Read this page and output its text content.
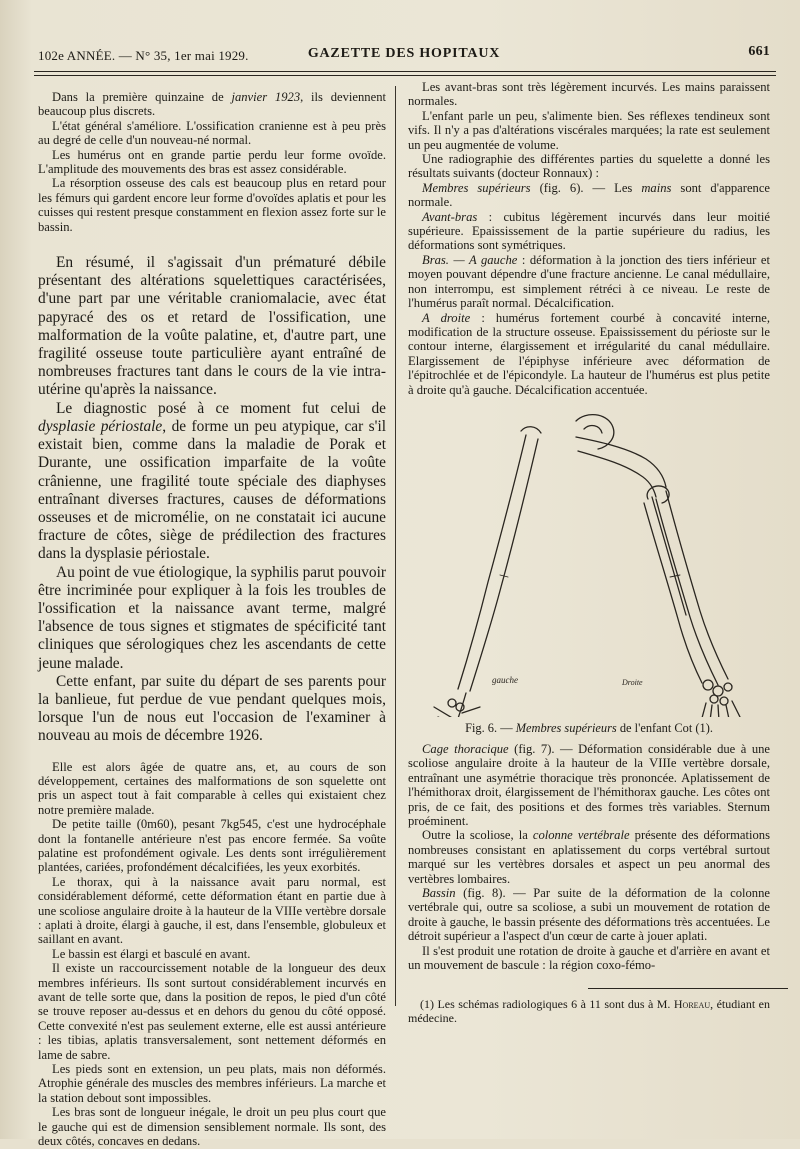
102e ANNÉE. — N° 35, 1er mai 1929.	GAZETTE DES HOPITAUX	661

Dans la première quinzaine de janvier 1923, ils deviennent beaucoup plus discrets.

L'état général s'améliore. L'ossification cranienne est à peu près au degré de celle d'un nouveau-né normal.

Les humérus ont en grande partie perdu leur forme ovoïde. L'amplitude des mouvements des bras est assez considérable.

La résorption osseuse des cals est beaucoup plus en retard pour les fémurs qui gardent encore leur forme d'ovoïdes aplatis et pour les cuisses qui restent presque constamment en flexion assez forte sur le bassin.

En résumé, il s'agissait d'un prématuré débile présentant des altérations squelettiques caractérisées, d'une part par une véritable craniomalacie, avec état papyracé des os et retard de l'ossification, une malformation de la voûte palatine, et, d'autre part, une fragilité osseuse toute particulière ayant entraîné de nombreuses fractures tant dans le cours de la vie intra-utérine qu'après la naissance.

Le diagnostic posé à ce moment fut celui de dysplasie périostale, de forme un peu atypique, car s'il existait bien, comme dans la maladie de Porak et Durante, une ossification imparfaite de la voûte crânienne, une fragilité toute spéciale des diaphyses entraînant diverses fractures, causes de déformations osseuses et de micromélie, on ne constatait ici aucune fracture de côtes, siège de prédilection des fractures dans la dysplasie périostale.

Au point de vue étiologique, la syphilis parut pouvoir être incriminée pour expliquer à la fois les troubles de l'ossification et la naissance avant terme, malgré l'absence de tous signes et stigmates de spécificité tant cliniques que sérologiques chez les ascendants de cette jeune malade.

Cette enfant, par suite du départ de ses parents pour la banlieue, fut perdue de vue pendant quelques mois, lorsque l'un de nous eut l'occasion de l'examiner à nouveau au mois de décembre 1926.

Elle est alors âgée de quatre ans, et, au cours de son développement, certaines des malformations de son squelette ont pris un aspect tout à fait comparable à celles qui existaient chez notre première malade.

De petite taille (0m60), pesant 7kg545, c'est une hydrocéphale dont la fontanelle antérieure n'est pas encore fermée. Sa voûte palatine est profondément ogivale. Les dents sont irrégulièrement plantées, cariées, profondément décalcifiées, les yeux exorbités.

Le thorax, qui à la naissance avait paru normal, est considérablement déformé, cette déformation étant en partie due à une scoliose angulaire droite à la hauteur de la VIIIe vertèbre dorsale : aplati à droite, élargi à gauche, il est, dans l'ensemble, globuleux et saillant en avant.

Le bassin est élargi et basculé en avant.

Il existe un raccourcissement notable de la longueur des deux membres inférieurs. Ils sont surtout considérablement incurvés en avant de telle sorte que, dans la position de repos, le pied d'un côté se trouve reposer au-dessus et en dehors du genou du côté opposé. Cette convexité n'est pas seulement externe, elle est aussi antérieure : les tibias, aplatis transversalement, sont nettement déformés en lame de sabre.

Les pieds sont en extension, un peu plats, mais non déformés. Atrophie générale des muscles des membres inférieurs. La marche et la station debout sont impossibles.

Les bras sont de longueur inégale, le droit un peu plus court que le gauche qui est de dimension sensiblement normale. Ils sont, des deux côtés, concaves en dedans.

Les avant-bras sont très légèrement incurvés. Les mains paraissent normales.

L'enfant parle un peu, s'alimente bien. Ses réflexes tendineux sont vifs. Il n'y a pas d'altérations viscérales marquées; la rate est seulement un peu augmentée de volume.

Une radiographie des différentes parties du squelette a donné les résultats suivants (docteur Ronnaux) :

Membres supérieurs (fig. 6). — Les mains sont d'apparence normale.

Avant-bras : cubitus légèrement incurvés dans leur moitié supérieure. Epaississement de la partie supérieure du radius, les déformations sont symétriques.

Bras. — A gauche : déformation à la jonction des tiers inférieur et moyen pouvant dépendre d'une fracture ancienne. Le canal médullaire, non interrompu, est simplement rétréci à ce niveau. Le reste de l'humérus paraît normal. Décalcification.

A droite : humérus fortement courbé à concavité interne, modification de la structure osseuse. Epaississement du périoste sur le contour interne, élargissement et irrégularité du canal médullaire. Elargissement de l'épiphyse inférieure avec déformation de l'épitrochlée et de l'épicondyle. La hauteur de l'humérus est plus petite à droite qu'à gauche. Décalcification accentuée.

gauche	Droite

Fig. 6. — Membres supérieurs de l'enfant Cot (1).

Cage thoracique (fig. 7). — Déformation considérable due à une scoliose angulaire droite à la hauteur de la VIIIe vertèbre dorsale, entraînant une asymétrie thoracique très prononcée. Aplatissement de l'hémithorax droit, élargissement de l'hémithorax gauche. Les côtes ont pris, de ce fait, des positions et des formes très variables. Sternum proéminent.

Outre la scoliose, la colonne vertébrale présente des déformations nombreuses consistant en aplatissement du corps vertébral surtout marqué sur les vertèbres dorsales et aspect un peu anormal des vertèbres lombaires.

Bassin (fig. 8). — Par suite de la déformation de la colonne vertébrale qui, outre sa scoliose, a subi un mouvement de rotation de droite à gauche, le bassin présente des déformations très accentuées. Le détroit supérieur a l'aspect d'un cœur de carte à jouer aplati.

Il s'est produit une rotation de droite à gauche et d'arrière en avant et un mouvement de bascule : la région coxo-fémo-

(1) Les schémas radiologiques 6 à 11 sont dus à M. Horeau, étudiant en médecine.
